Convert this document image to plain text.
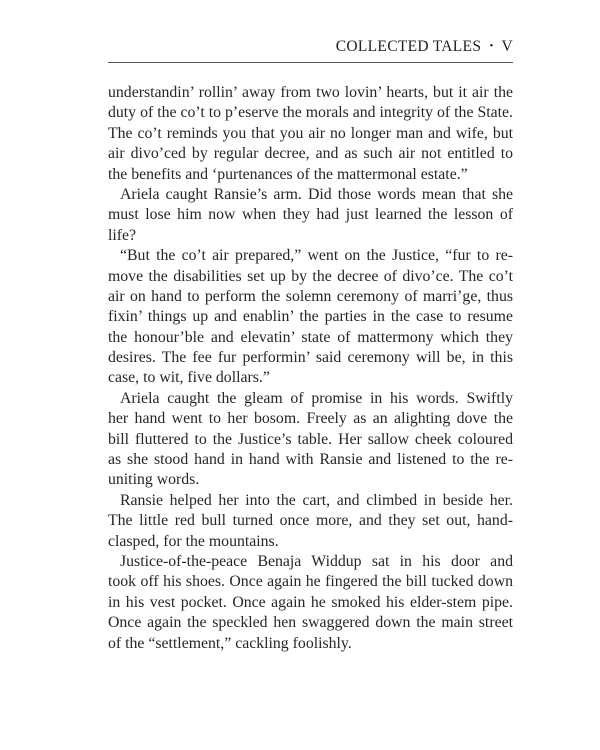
COLLECTED TALES • V
understandin’ rollin’ away from two lovin’ hearts, but it air the
duty of the co’t to p’eserve the morals and integrity of the State.
The co’t reminds you that you air no longer man and wife, but
air divo’ced by regular decree, and as such air not entitled to
the benefits and ‘purtenances of the mattermonal estate.”
Ariela caught Ransie’s arm. Did those words mean that she
must lose him now when they had just learned the lesson of
life?
“But the co’t air prepared,” went on the Justice, “fur to re-
move the disabilities set up by the decree of divo’ce. The co’t
air on hand to perform the solemn ceremony of marri’ge, thus
fixin’ things up and enablin’ the parties in the case to resume
the honour’ble and elevatin’ state of mattermony which they
desires. The fee fur performin’ said ceremony will be, in this
case, to wit, five dollars.”
Ariela caught the gleam of promise in his words. Swiftly
her hand went to her bosom. Freely as an alighting dove the
bill fluttered to the Justice’s table. Her sallow cheek coloured
as she stood hand in hand with Ransie and listened to the re-
uniting words.
Ransie helped her into the cart, and climbed in beside her.
The little red bull turned once more, and they set out, hand-
clasped, for the mountains.
Justice-of-the-peace Benaja Widdup sat in his door and
took off his shoes. Once again he fingered the bill tucked down
in his vest pocket. Once again he smoked his elder-stem pipe.
Once again the speckled hen swaggered down the main street
of the “settlement,” cackling foolishly.
